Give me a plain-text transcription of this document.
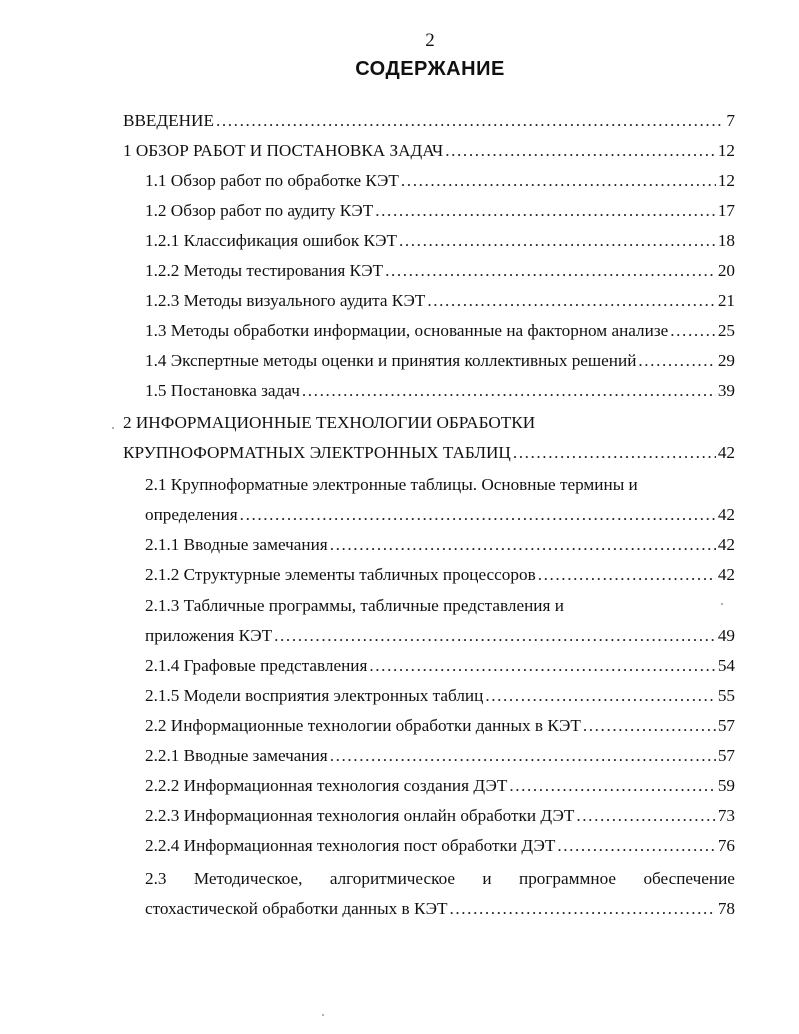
2
СОДЕРЖАНИЕ
ВВЕДЕНИЕ .....	7
1 ОБЗОР РАБОТ И ПОСТАНОВКА ЗАДАЧ .....	12
1.1 Обзор работ по обработке КЭТ .....	12
1.2 Обзор работ по аудиту КЭТ .....	17
1.2.1 Классификация ошибок КЭТ .....	18
1.2.2 Методы тестирования КЭТ .....	20
1.2.3 Методы визуального аудита КЭТ .....	21
1.3 Методы обработки информации, основанные на факторном анализе .....	25
1.4 Экспертные методы оценки и принятия коллективных решений .....	29
1.5 Постановка задач .....	39
2 ИНФОРМАЦИОННЫЕ ТЕХНОЛОГИИ ОБРАБОТКИ
КРУПНОФОРМАТНЫХ ЭЛЕКТРОННЫХ ТАБЛИЦ .....	42
2.1 Крупноформатные электронные таблицы. Основные термины и
определения .....	42
2.1.1 Вводные замечания .....	42
2.1.2 Структурные элементы табличных процессоров .....	42
2.1.3 Табличные программы, табличные представления и
приложения КЭТ .....	49
2.1.4 Графовые представления .....	54
2.1.5 Модели восприятия электронных таблиц .....	55
2.2 Информационные технологии обработки данных в КЭТ .....	57
2.2.1 Вводные замечания .....	57
2.2.2 Информационная технология создания ДЭТ .....	59
2.2.3 Информационная технология онлайн обработки ДЭТ .....	73
2.2.4 Информационная технология пост обработки ДЭТ .....	76
2.3 Методическое, алгоритмическое и программное обеспечение
стохастической обработки данных в КЭТ .....	78
